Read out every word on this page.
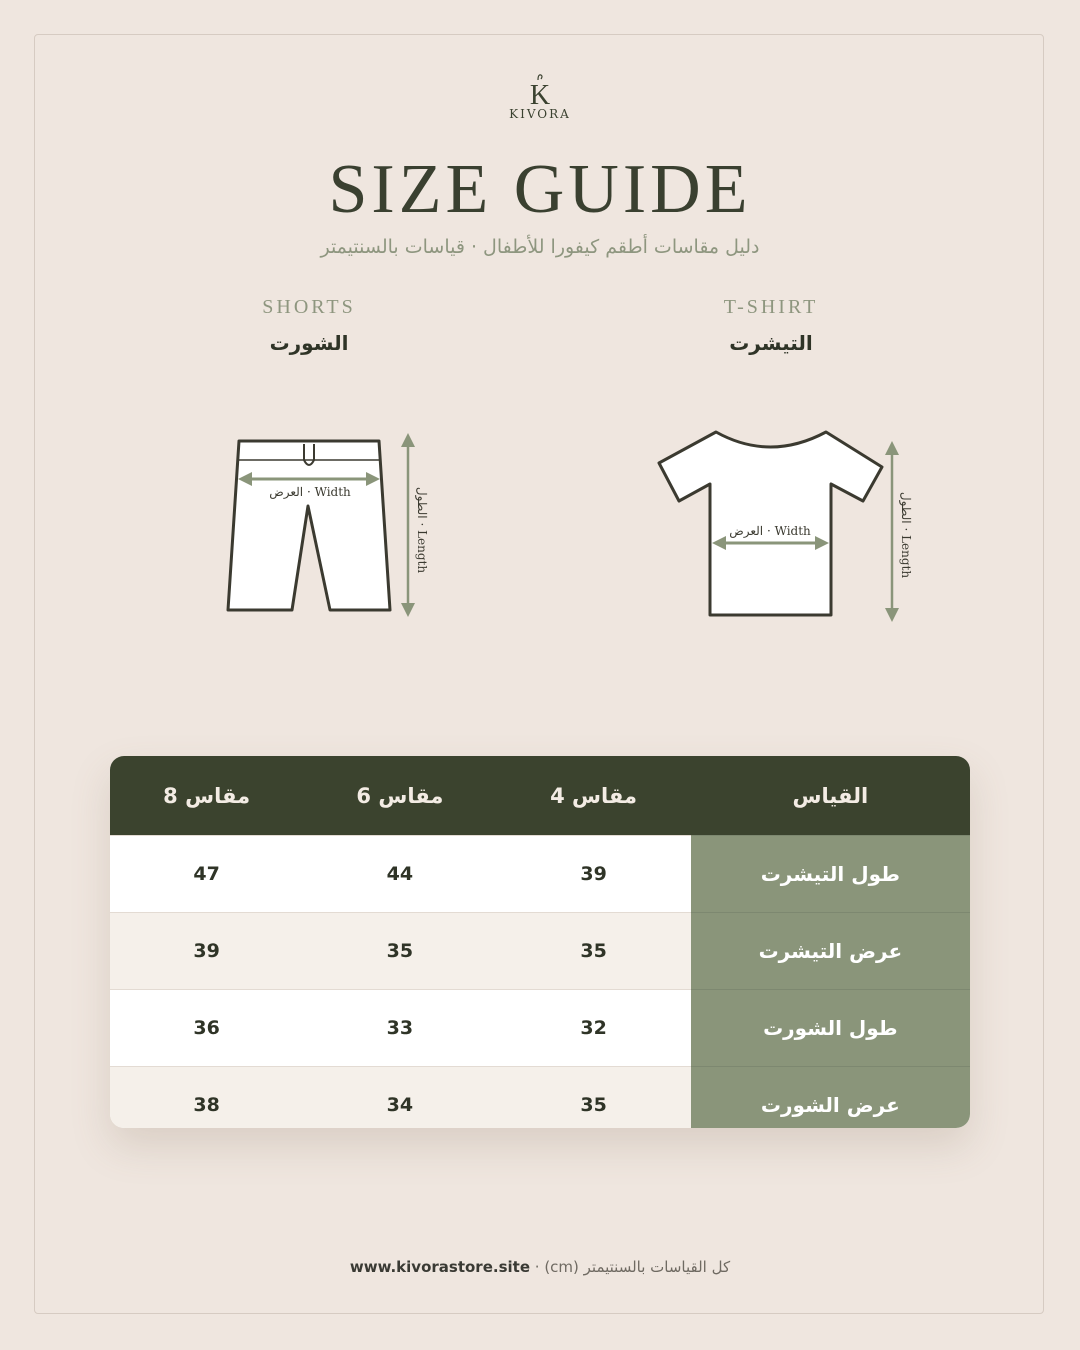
K
KIVORA
SIZE GUIDE
دليل مقاسات أطقم كيفورا للأطفال · قياسات بالسنتيمتر
SHORTS
الشورت
T-SHIRT
التيشرت
العرض · Width	الطول · Length	العرض · Width
الطول · Length
القياس	مقاس 4	مقاس 6	مقاس 8
طول التيشرت	39	44	47
عرض التيشرت	35	35	39
طول الشورت	32	33	36
عرض الشورت	35	34	38
www.kivorastore.site كل القياسات بالسنتيمتر (cm) ·
